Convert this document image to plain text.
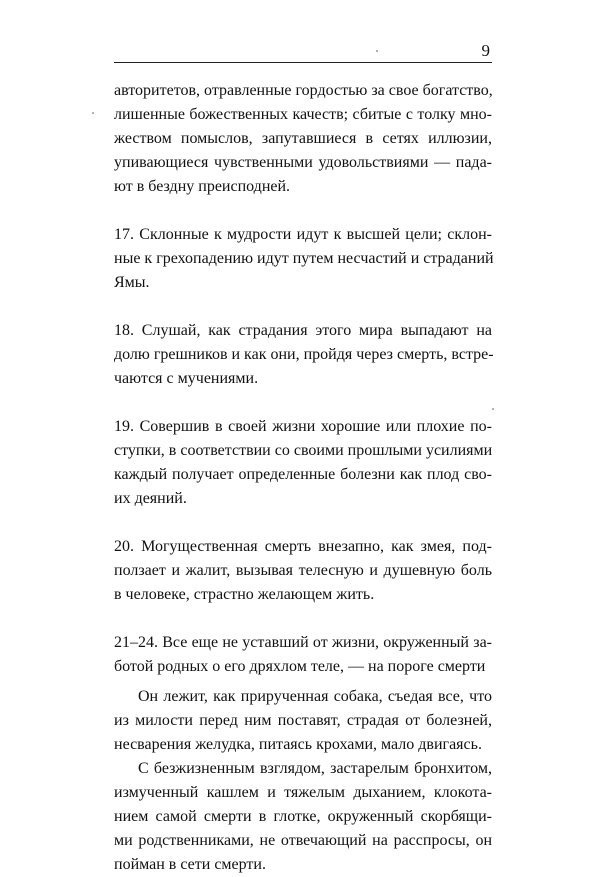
9
авторитетов, отравленные гордостью за свое богатство,
лишенные божественных качеств; сбитые с толку мно-
жеством помыслов, запутавшиеся в сетях иллюзии,
упивающиеся чувственными удовольствиями — пада-
ют в бездну преисподней.
17. Склонные к мудрости идут к высшей цели; склон-
ные к грехопадению идут путем несчастий и страданий
Ямы.
18. Слушай, как страдания этого мира выпадают на
долю грешников и как они, пройдя через смерть, встре-
чаются с мучениями.
19. Совершив в своей жизни хорошие или плохие по-
ступки, в соответствии со своими прошлыми усилиями
каждый получает определенные болезни как плод сво-
их деяний.
20. Могущественная смерть внезапно, как змея, под-
ползает и жалит, вызывая телесную и душевную боль
в человеке, страстно желающем жить.
21–24. Все еще не уставший от жизни, окруженный за-
ботой родных о его дряхлом теле, — на пороге смерти
Он лежит, как прирученная собака, съедая все, что
из милости перед ним поставят, страдая от болезней,
несварения желудка, питаясь крохами, мало двигаясь.
С безжизненным взглядом, застарелым бронхитом,
измученный кашлем и тяжелым дыханием, клокота-
нием самой смерти в глотке, окруженный скорбящи-
ми родственниками, не отвечающий на расспросы, он
пойман в сети смерти.
